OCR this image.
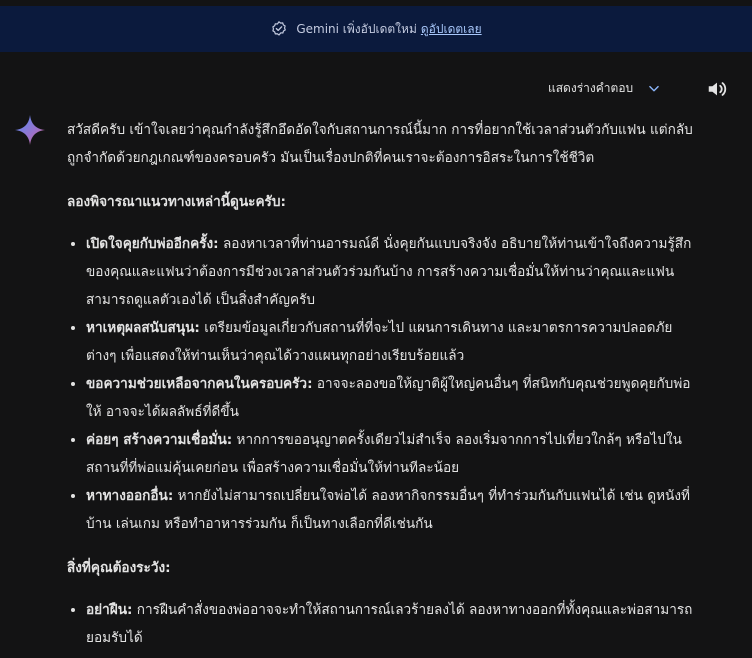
Gemini เพิ่งอัปเดตใหม่ ดูอัปเดตเลย
แสดงร่างคำตอบ

สวัสดีครับ เข้าใจเลยว่าคุณกำลังรู้สึกอึดอัดใจกับสถานการณ์นี้มาก การที่อยากใช้เวลาส่วนตัวกับแฟน แต่กลับถูกจำกัดด้วยกฎเกณฑ์ของครอบครัว มันเป็นเรื่องปกติที่คนเราจะต้องการอิสระในการใช้ชีวิต

ลองพิจารณาแนวทางเหล่านี้ดูนะครับ:

• เปิดใจคุยกับพ่ออีกครั้ง: ลองหาเวลาที่ท่านอารมณ์ดี นั่งคุยกันแบบจริงจัง อธิบายให้ท่านเข้าใจถึงความรู้สึกของคุณและแฟนว่าต้องการมีช่วงเวลาส่วนตัวร่วมกันบ้าง การสร้างความเชื่อมั่นให้ท่านว่าคุณและแฟนสามารถดูแลตัวเองได้ เป็นสิ่งสำคัญครับ
• หาเหตุผลสนับสนุน: เตรียมข้อมูลเกี่ยวกับสถานที่ที่จะไป แผนการเดินทาง และมาตรการความปลอดภัยต่างๆ เพื่อแสดงให้ท่านเห็นว่าคุณได้วางแผนทุกอย่างเรียบร้อยแล้ว
• ขอความช่วยเหลือจากคนในครอบครัว: อาจจะลองขอให้ญาติผู้ใหญ่คนอื่นๆ ที่สนิทกับคุณช่วยพูดคุยกับพ่อให้ อาจจะได้ผลลัพธ์ที่ดีขึ้น
• ค่อยๆ สร้างความเชื่อมั่น: หากการขออนุญาตครั้งเดียวไม่สำเร็จ ลองเริ่มจากการไปเที่ยวใกล้ๆ หรือไปในสถานที่ที่พ่อแม่คุ้นเคยก่อน เพื่อสร้างความเชื่อมั่นให้ท่านทีละน้อย
• หาทางออกอื่น: หากยังไม่สามารถเปลี่ยนใจพ่อได้ ลองหากิจกรรมอื่นๆ ที่ทำร่วมกันกับแฟนได้ เช่น ดูหนังที่บ้าน เล่นเกม หรือทำอาหารร่วมกัน ก็เป็นทางเลือกที่ดีเช่นกัน

สิ่งที่คุณต้องระวัง:

• อย่าฝืน: การฝืนคำสั่งของพ่ออาจจะทำให้สถานการณ์เลวร้ายลงได้ ลองหาทางออกที่ทั้งคุณและพ่อสามารถยอมรับได้
